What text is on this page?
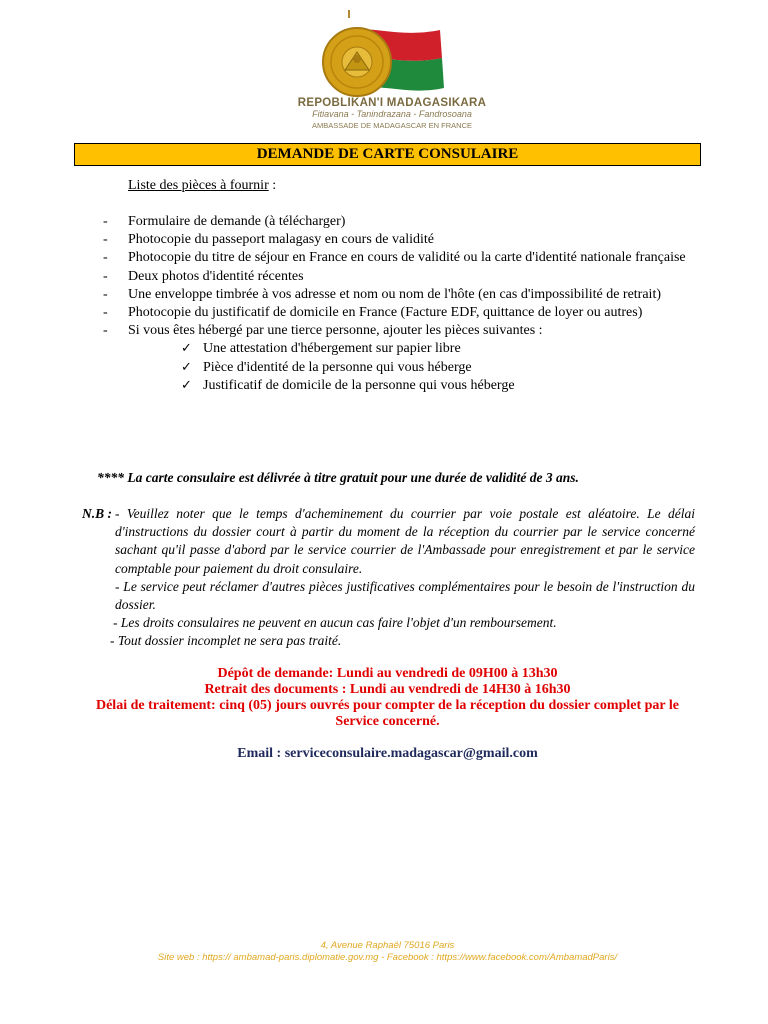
REPOBLIKAN'I MADAGASIKARA
Fitiavana - Tanindrazana - Fandrosoana
AMBASSADE DE MADAGASCAR EN FRANCE
DEMANDE DE CARTE CONSULAIRE
Liste des pièces à fournir :
- Formulaire de demande (à télécharger)
- Photocopie du passeport malagasy en cours de validité
- Photocopie du titre de séjour en France en cours de validité ou la carte d'identité nationale française
- Deux photos d'identité récentes
- Une enveloppe timbrée à vos adresse et nom ou nom de l'hôte (en cas d'impossibilité de retrait)
- Photocopie du justificatif de domicile en France (Facture EDF, quittance de loyer ou autres)
- Si vous êtes hébergé par une tierce personne, ajouter les pièces suivantes :
✓ Une attestation d'hébergement sur papier libre
✓ Pièce d'identité de la personne qui vous héberge
✓ Justificatif de domicile de la personne qui vous héberge
**** La carte consulaire est délivrée à titre gratuit pour une durée de validité de 3 ans.
N.B : - Veuillez noter que le temps d'acheminement du courrier par voie postale est aléatoire. Le délai d'instructions du dossier court à partir du moment de la réception du courrier par le service concerné sachant qu'il passe d'abord par le service courrier de l'Ambassade pour enregistrement et par le service comptable pour paiement du droit consulaire.
- Le service peut réclamer d'autres pièces justificatives complémentaires pour le besoin de l'instruction du dossier.
- Les droits consulaires ne peuvent en aucun cas faire l'objet d'un remboursement.
- Tout dossier incomplet ne sera pas traité.
Dépôt de demande: Lundi au vendredi de 09H00 à 13h30
Retrait des documents : Lundi au vendredi de 14H30 à 16h30
Délai de traitement: cinq (05) jours ouvrés pour compter de la réception du dossier complet par le Service concerné.
Email : serviceconsulaire.madagascar@gmail.com
4, Avenue Raphaël 75016 Paris
Site web : https:// ambamad-paris.diplomatie.gov.mg - Facebook : https://www.facebook.com/AmbamadParis/
